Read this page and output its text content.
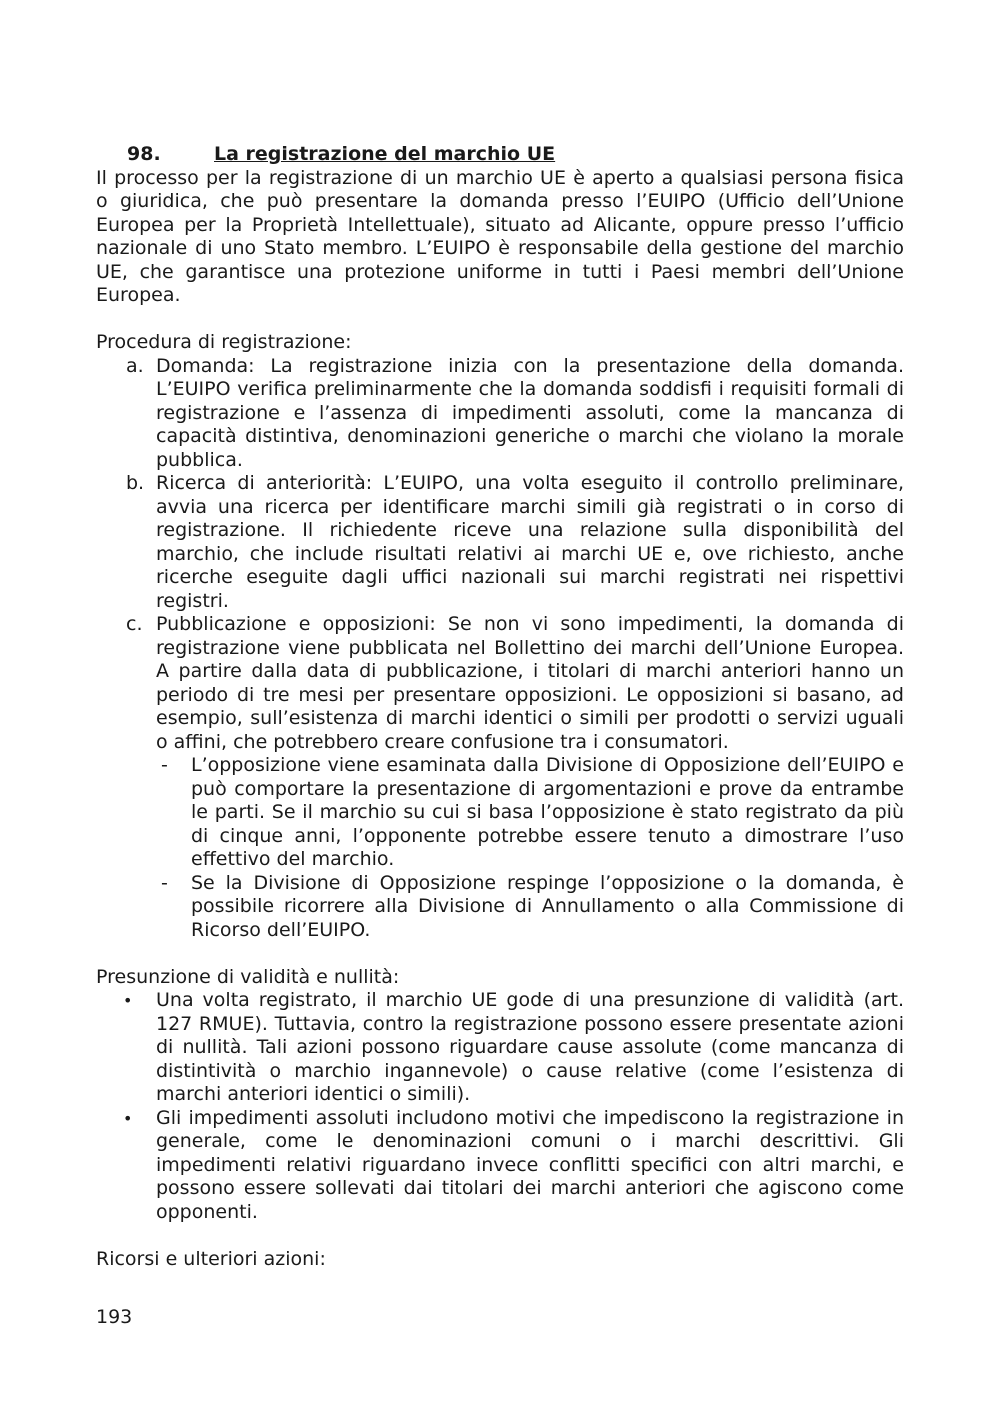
98.	La registrazione del marchio UE

Il processo per la registrazione di un marchio UE è aperto a qualsiasi persona fisica o giuridica, che può presentare la domanda presso l’EUIPO (Ufficio dell’Unione Europea per la Proprietà Intellettuale), situato ad Alicante, oppure presso l’ufficio nazionale di uno Stato membro. L’EUIPO è responsabile della gestione del marchio UE, che garantisce una protezione uniforme in tutti i Paesi membri dell’Unione Europea.

Procedura di registrazione:

a. Domanda: La registrazione inizia con la presentazione della domanda. L’EUIPO verifica preliminarmente che la domanda soddisfi i requisiti formali di registrazione e l’assenza di impedimenti assoluti, come la mancanza di capacità distintiva, denominazioni generiche o marchi che violano la morale pubblica.
b. Ricerca di anteriorità: L’EUIPO, una volta eseguito il controllo preliminare, avvia una ricerca per identificare marchi simili già registrati o in corso di registrazione. Il richiedente riceve una relazione sulla disponibilità del marchio, che include risultati relativi ai marchi UE e, ove richiesto, anche ricerche eseguite dagli uffici nazionali sui marchi registrati nei rispettivi registri.
c. Pubblicazione e opposizioni: Se non vi sono impedimenti, la domanda di registrazione viene pubblicata nel Bollettino dei marchi dell’Unione Europea. A partire dalla data di pubblicazione, i titolari di marchi anteriori hanno un periodo di tre mesi per presentare opposizioni. Le opposizioni si basano, ad esempio, sull’esistenza di marchi identici o simili per prodotti o servizi uguali o affini, che potrebbero creare confusione tra i consumatori.
- L’opposizione viene esaminata dalla Divisione di Opposizione dell’EUIPO e può comportare la presentazione di argomentazioni e prove da entrambe le parti. Se il marchio su cui si basa l’opposizione è stato registrato da più di cinque anni, l’opponente potrebbe essere tenuto a dimostrare l’uso effettivo del marchio.
- Se la Divisione di Opposizione respinge l’opposizione o la domanda, è possibile ricorrere alla Divisione di Annullamento o alla Commissione di Ricorso dell’EUIPO.

Presunzione di validità e nullità:

• Una volta registrato, il marchio UE gode di una presunzione di validità (art. 127 RMUE). Tuttavia, contro la registrazione possono essere presentate azioni di nullità. Tali azioni possono riguardare cause assolute (come mancanza di distintività o marchio ingannevole) o cause relative (come l’esistenza di marchi anteriori identici o simili).
• Gli impedimenti assoluti includono motivi che impediscono la registrazione in generale, come le denominazioni comuni o i marchi descrittivi. Gli impedimenti relativi riguardano invece conflitti specifici con altri marchi, e possono essere sollevati dai titolari dei marchi anteriori che agiscono come opponenti.

Ricorsi e ulteriori azioni:

193
